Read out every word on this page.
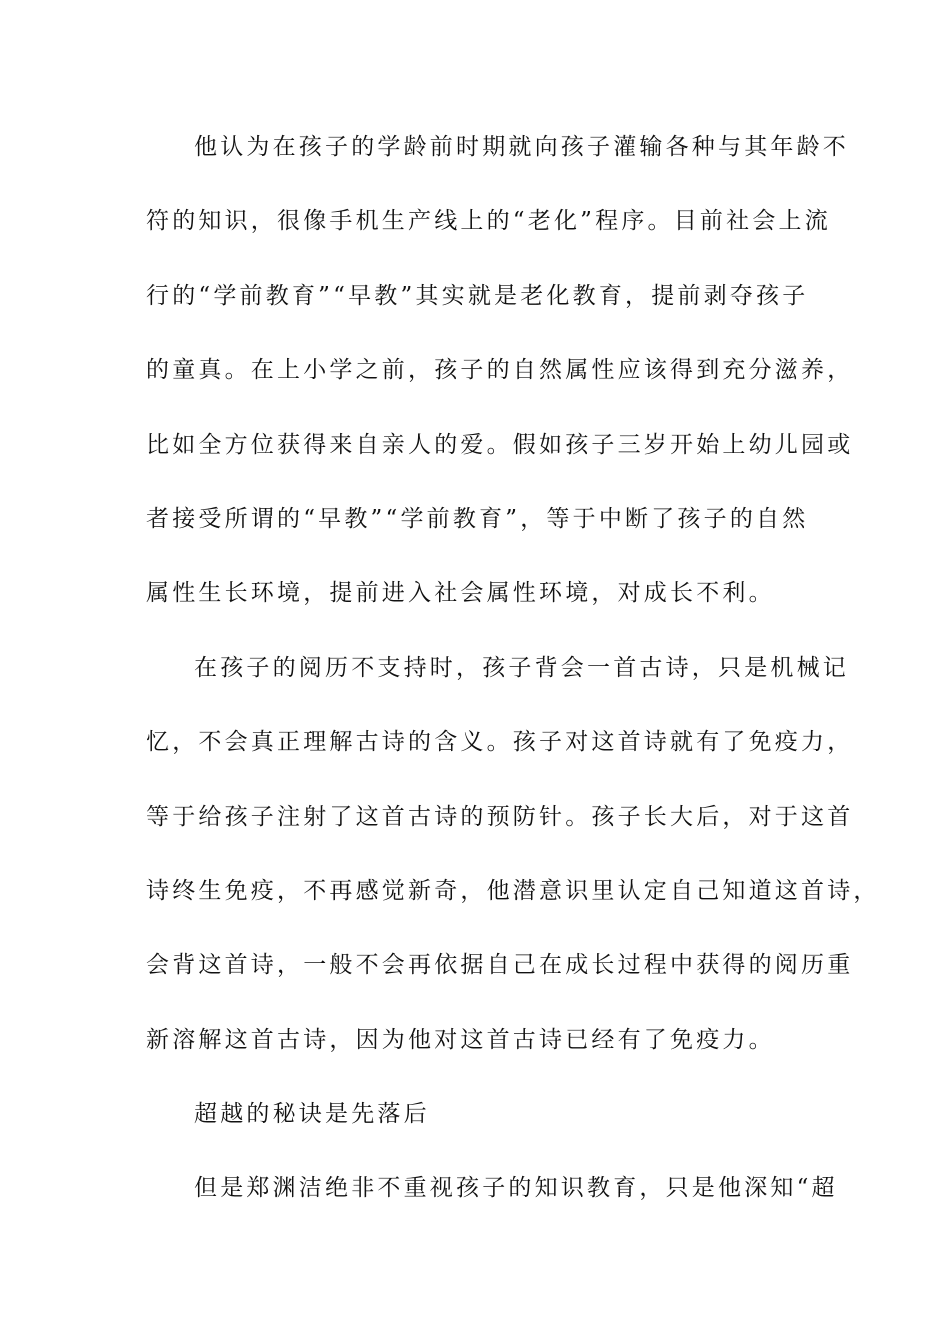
他认为在孩子的学龄前时期就向孩子灌输各种与其年龄不
符的知识，很像手机生产线上的“老化”程序。目前社会上流
行的“学前教育”“早教”其实就是老化教育，提前剥夺孩子
的童真。在上小学之前，孩子的自然属性应该得到充分滋养，
比如全方位获得来自亲人的爱。假如孩子三岁开始上幼儿园或
者接受所谓的“早教”“学前教育”，等于中断了孩子的自然
属性生长环境，提前进入社会属性环境，对成长不利。
在孩子的阅历不支持时，孩子背会一首古诗，只是机械记
忆，不会真正理解古诗的含义。孩子对这首诗就有了免疫力，
等于给孩子注射了这首古诗的预防针。孩子长大后，对于这首
诗终生免疫，不再感觉新奇，他潜意识里认定自己知道这首诗，
会背这首诗，一般不会再依据自己在成长过程中获得的阅历重
新溶解这首古诗，因为他对这首古诗已经有了免疫力。
超越的秘诀是先落后
但是郑渊洁绝非不重视孩子的知识教育，只是他深知“超
